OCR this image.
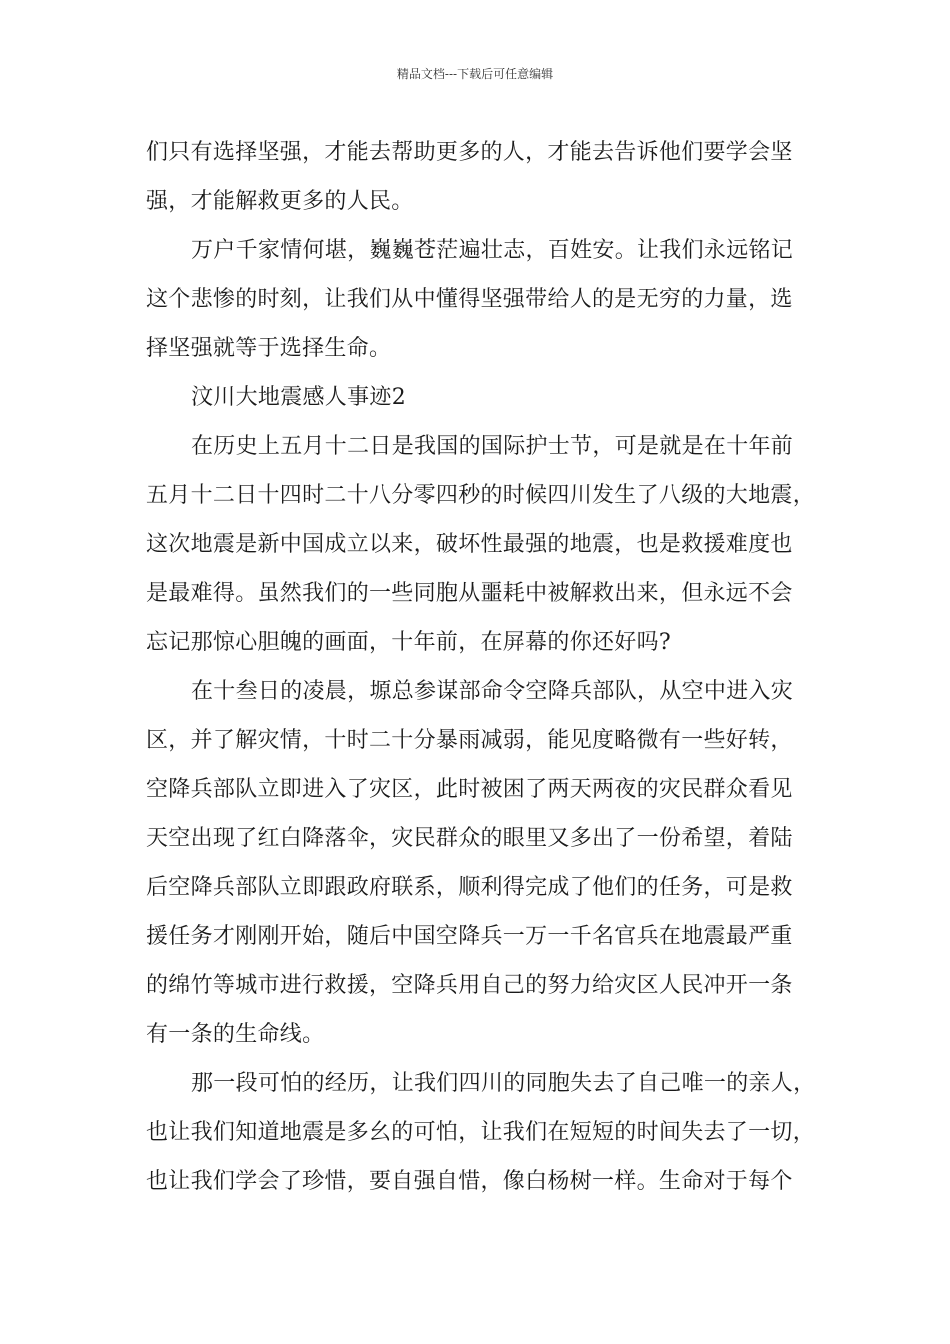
精品文档---下载后可任意编辑
们只有选择坚强，才能去帮助更多的人，才能去告诉他们要学会坚
强，才能解救更多的人民。
万户千家情何堪，巍巍苍茫遍壮志，百姓安。让我们永远铭记
这个悲惨的时刻，让我们从中懂得坚强带给人的是无穷的力量，选
择坚强就等于选择生命。
汶川大地震感人事迹2
在历史上五月十二日是我国的国际护士节，可是就是在十年前
五月十二日十四时二十八分零四秒的时候四川发生了八级的大地震，
这次地震是新中国成立以来，破坏性最强的地震，也是救援难度也
是最难得。虽然我们的一些同胞从噩耗中被解救出来，但永远不会
忘记那惊心胆魄的画面，十年前，在屏幕的你还好吗?
在十叁日的凌晨，塬总参谋部命令空降兵部队，从空中进入灾
区，并了解灾情，十时二十分暴雨减弱，能见度略微有一些好转，
空降兵部队立即进入了灾区，此时被困了两天两夜的灾民群众看见
天空出现了红白降落伞，灾民群众的眼里又多出了一份希望，着陆
后空降兵部队立即跟政府联系，顺利得完成了他们的任务，可是救
援任务才刚刚开始，随后中国空降兵一万一千名官兵在地震最严重
的绵竹等城市进行救援，空降兵用自己的努力给灾区人民冲开一条
有一条的生命线。
那一段可怕的经历，让我们四川的同胞失去了自己唯一的亲人，
也让我们知道地震是多幺的可怕，让我们在短短的时间失去了一切，
也让我们学会了珍惜，要自强自惜，像白杨树一样。生命对于每个
